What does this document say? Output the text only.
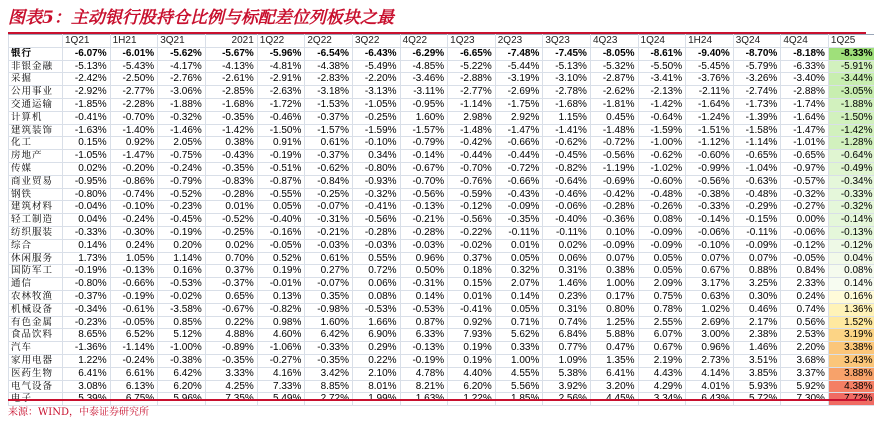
图表5：主动银行股持仓比例与标配差位列板块之最
	1Q21	1H21	3Q21	2021	1Q22	2Q22	3Q22	4Q22	1Q23	2Q23	3Q23	4Q23	1Q24	1H24	3Q24	4Q24	1Q25
银行	-6.07%	-6.01%	-5.62%	-5.67%	-5.96%	-6.54%	-6.43%	-6.29%	-6.65%	-7.48%	-7.45%	-8.05%	-8.61%	-9.40%	-8.70%	-8.18%	-8.33%
非银金融	-5.13%	-5.43%	-4.17%	-4.13%	-4.81%	-4.38%	-5.49%	-4.85%	-5.22%	-5.44%	-5.13%	-5.32%	-5.50%	-5.45%	-5.79%	-6.33%	-5.91%
采掘	-2.42%	-2.50%	-2.76%	-2.61%	-2.91%	-2.83%	-2.20%	-3.46%	-2.88%	-3.19%	-3.10%	-2.87%	-3.41%	-3.76%	-3.26%	-3.40%	-3.44%
公用事业	-2.92%	-2.77%	-3.06%	-2.85%	-2.63%	-3.18%	-3.13%	-3.11%	-2.77%	-2.69%	-2.78%	-2.62%	-2.13%	-2.11%	-2.74%	-2.88%	-3.05%
交通运输	-1.85%	-2.28%	-1.88%	-1.68%	-1.72%	-1.53%	-1.05%	-0.95%	-1.14%	-1.75%	-1.68%	-1.81%	-1.42%	-1.64%	-1.73%	-1.74%	-1.88%
计算机	-0.41%	-0.70%	-0.32%	-0.35%	-0.46%	-0.37%	-0.25%	1.60%	2.98%	2.92%	1.15%	0.45%	-0.64%	-1.24%	-1.39%	-1.64%	-1.50%
建筑装饰	-1.63%	-1.40%	-1.46%	-1.42%	-1.50%	-1.57%	-1.59%	-1.57%	-1.48%	-1.47%	-1.41%	-1.48%	-1.59%	-1.51%	-1.58%	-1.47%	-1.42%
化工	0.15%	0.92%	2.05%	0.38%	0.91%	0.61%	-0.10%	-0.79%	-0.42%	-0.66%	-0.62%	-0.72%	-1.00%	-1.12%	-1.14%	-1.01%	-1.28%
房地产	-1.05%	-1.47%	-0.75%	-0.43%	-0.19%	-0.37%	0.34%	-0.14%	-0.44%	-0.44%	-0.45%	-0.56%	-0.62%	-0.60%	-0.65%	-0.65%	-0.64%
传媒	0.02%	-0.20%	-0.24%	-0.35%	-0.51%	-0.62%	-0.80%	-0.67%	-0.70%	-0.72%	-0.82%	-1.19%	-1.02%	-0.99%	-1.04%	-0.97%	-0.49%
商业贸易	-0.95%	-0.86%	-0.79%	-0.83%	-0.87%	-0.84%	-0.93%	-0.70%	-0.76%	-0.66%	-0.64%	-0.69%	-0.60%	-0.56%	-0.63%	-0.57%	-0.34%
钢铁	-0.80%	-0.74%	-0.52%	-0.28%	-0.55%	-0.25%	-0.32%	-0.56%	-0.59%	-0.43%	-0.46%	-0.42%	-0.48%	-0.38%	-0.48%	-0.32%	-0.33%
建筑材料	-0.04%	-0.10%	-0.23%	0.01%	0.05%	-0.07%	-0.41%	-0.13%	-0.12%	-0.09%	-0.06%	-0.28%	-0.26%	-0.33%	-0.29%	-0.27%	-0.32%
轻工制造	0.04%	-0.24%	-0.45%	-0.52%	-0.40%	-0.31%	-0.56%	-0.21%	-0.56%	-0.35%	-0.40%	-0.36%	0.08%	-0.14%	-0.15%	0.00%	-0.14%
纺织服装	-0.33%	-0.30%	-0.19%	-0.25%	-0.16%	-0.21%	-0.28%	-0.28%	-0.22%	-0.11%	-0.11%	0.10%	-0.09%	-0.06%	-0.11%	-0.06%	-0.13%
综合	0.14%	0.24%	0.20%	0.02%	-0.05%	-0.03%	-0.03%	-0.03%	-0.02%	0.01%	0.02%	-0.09%	-0.09%	-0.10%	-0.09%	-0.12%	-0.12%
休闲服务	1.73%	1.05%	1.14%	0.70%	0.52%	0.61%	0.55%	0.96%	0.37%	0.05%	0.06%	0.07%	0.05%	0.07%	0.07%	-0.05%	0.04%
国防军工	-0.19%	-0.13%	0.16%	0.37%	0.19%	0.27%	0.72%	0.50%	0.18%	0.32%	0.31%	0.38%	0.05%	0.67%	0.88%	0.84%	0.08%
通信	-0.80%	-0.66%	-0.53%	-0.37%	-0.01%	-0.07%	0.06%	-0.31%	0.15%	2.07%	1.46%	1.00%	2.09%	3.17%	3.25%	2.33%	0.14%
农林牧渔	-0.37%	-0.19%	-0.02%	0.65%	0.13%	0.35%	0.08%	0.14%	0.01%	0.14%	0.23%	0.17%	0.75%	0.63%	0.30%	0.24%	0.16%
机械设备	-0.34%	-0.61%	-3.58%	-0.67%	-0.82%	-0.98%	-0.53%	-0.53%	-0.41%	0.05%	0.31%	0.80%	0.78%	1.02%	0.46%	0.74%	1.36%
有色金属	-0.23%	-0.05%	0.85%	0.22%	0.98%	1.60%	1.66%	0.87%	0.92%	0.71%	0.74%	1.25%	2.55%	2.69%	2.17%	0.56%	1.52%
食品饮料	8.65%	6.52%	5.12%	4.88%	4.60%	6.42%	6.90%	6.33%	7.93%	5.62%	6.84%	5.88%	6.07%	3.00%	2.38%	2.53%	3.19%
汽车	-1.36%	-1.14%	-1.00%	-0.89%	-1.06%	-0.33%	0.29%	-0.13%	0.19%	0.33%	0.77%	0.47%	0.67%	0.96%	1.46%	2.20%	3.38%
家用电器	1.22%	-0.24%	-0.38%	-0.35%	-0.27%	-0.35%	0.22%	-0.19%	0.19%	1.00%	1.09%	1.35%	2.19%	2.73%	3.51%	3.68%	3.43%
医药生物	6.41%	6.61%	6.42%	3.33%	4.16%	3.42%	2.10%	4.78%	4.40%	4.55%	5.38%	6.41%	4.43%	4.14%	3.85%	3.37%	3.88%
电气设备	3.08%	6.13%	6.20%	4.25%	7.33%	8.85%	8.01%	8.21%	6.20%	5.56%	3.92%	3.20%	4.29%	4.01%	5.93%	5.92%	4.38%
电子	5.39%	6.75%	5.96%	7.35%	5.49%	2.72%	1.99%	1.63%	1.22%	1.85%	2.56%	4.45%	3.34%	6.43%	5.72%	7.30%	7.72%
来源：WIND，中泰证券研究所
